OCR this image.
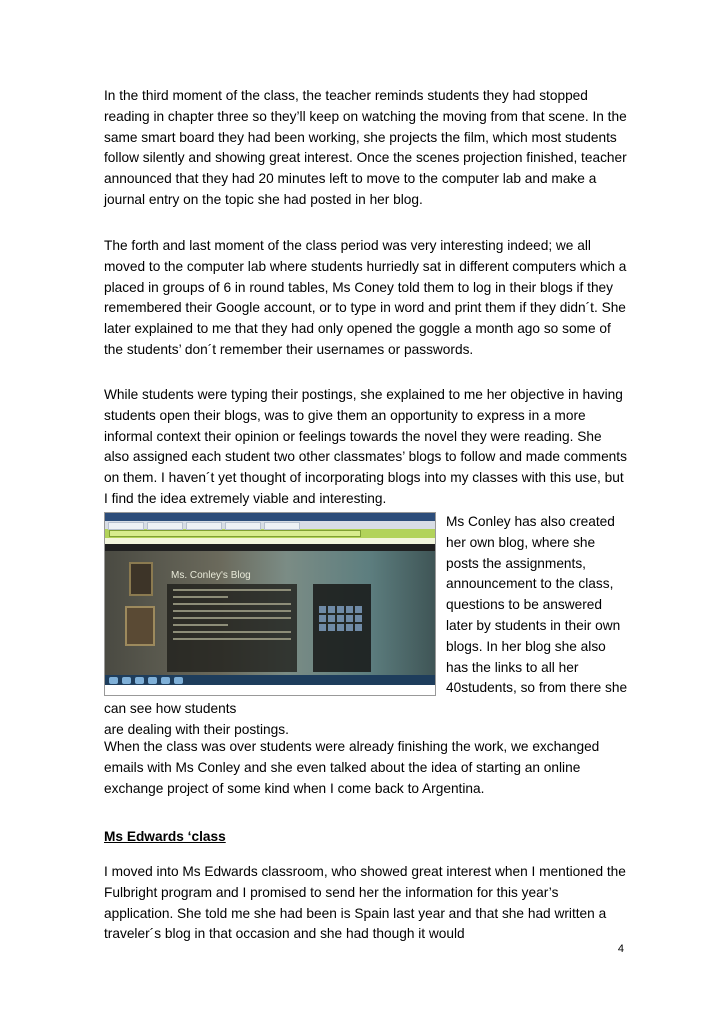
In the third moment of the class, the teacher reminds students they had stopped reading in chapter three so they’ll keep on watching the moving from that scene. In the same smart board they had been working, she projects the film, which most students follow silently and showing great interest. Once the scenes projection finished, teacher announced that they had 20 minutes left to move to the computer lab and make a journal entry on the topic she had posted in her blog.

The forth and last moment of the class period was very interesting indeed; we all moved to the computer lab where students hurriedly sat in different computers which a placed in groups of 6 in round tables, Ms Coney told them to log in their blogs if they remembered their Google account, or to type in word and print them if they didn´t. She later explained to me that they had only opened the goggle a month ago so some of the students’ don´t remember their usernames or passwords.

While students were typing their postings, she explained to me her objective in having students open their blogs, was to give them an opportunity to express in a more informal context their opinion or feelings towards the novel they were reading. She also assigned each student two other classmates’ blogs to follow and made comments on them. I haven´t yet thought of incorporating blogs into my classes with this use, but I find the idea extremely viable and interesting.

Ms. Conley's Blog
Ms Conley has also created her own blog, where she posts the assignments, announcement to the class, questions to be answered later by students in their own blogs. In her blog she also has the links to all her 40students, so from there she can see how students
are dealing with their postings.

When the class was over students were already finishing the work, we exchanged emails with Ms Conley and she even talked about the idea of starting an online exchange project of some kind when I come back to Argentina.

Ms Edwards ‘class

I moved into Ms Edwards classroom, who showed great interest when I mentioned the Fulbright program and I promised to send her the information for this year’s application. She told me she had been is Spain last year and that she had written a traveler´s blog in that occasion and she had though it would

4
